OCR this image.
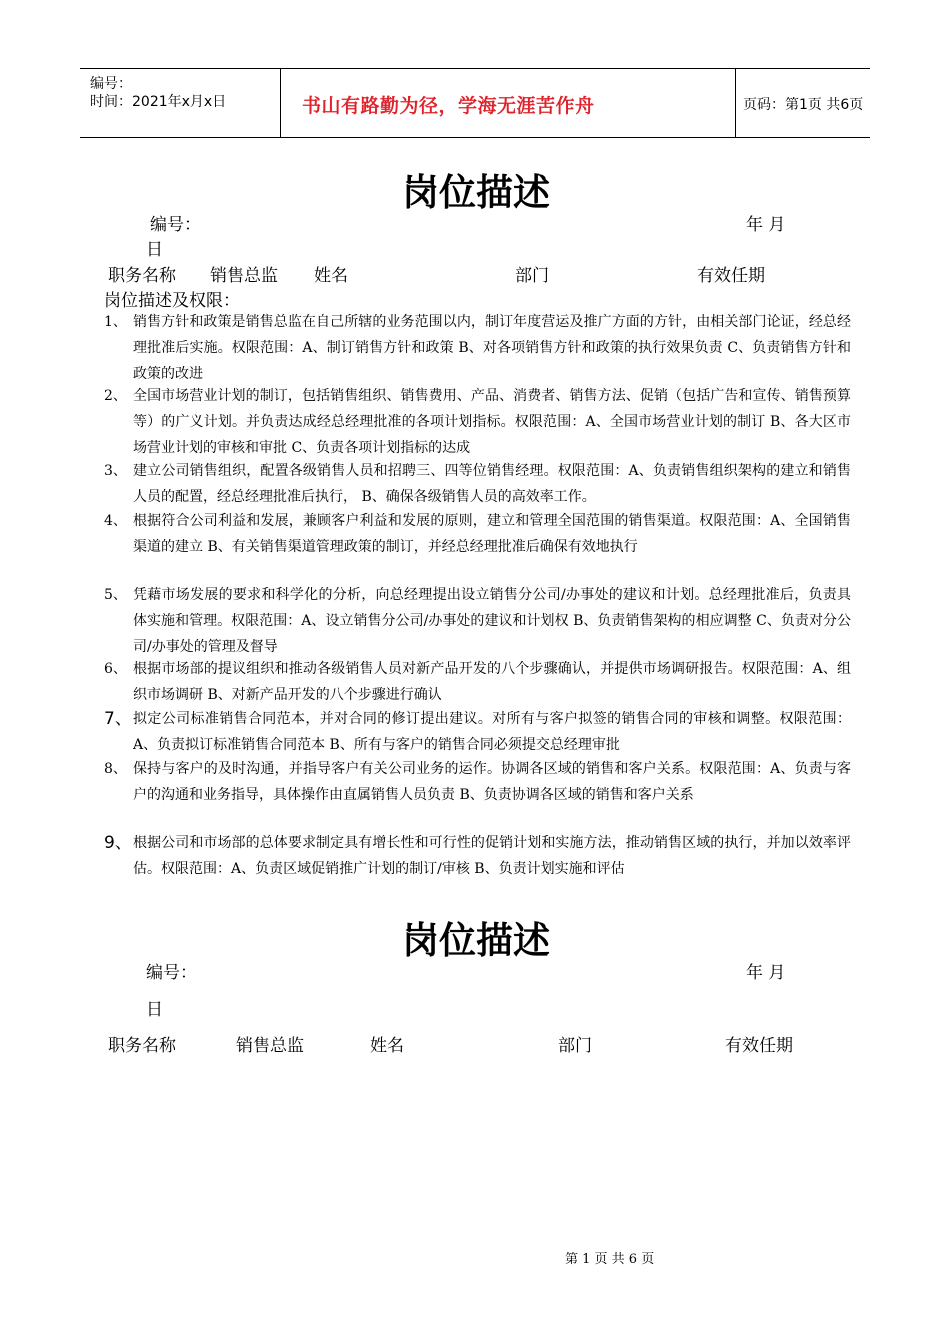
编号：
时间：2021年x月x日	书山有路勤为径，学海无涯苦作舟	页码：第1页 共6页
岗位描述
编号：	年 月
日
职务名称 销售总监 姓名	部门	有效任期
岗位描述及权限：
1、 销售方针和政策是销售总监在自己所辖的业务范围以内，制订年度营运及推广方面的方针，由相关部门论证，经总经理批准后实施。权限范围：A、制订销售方针和政策 B、对各项销售方针和政策的执行效果负责 C、负责销售方针和政策的改进
2、 全国市场营业计划的制订，包括销售组织、销售费用、产品、消费者、销售方法、促销（包括广告和宣传、销售预算等）的广义计划。并负责达成经总经理批准的各项计划指标。权限范围：A、全国市场营业计划的制订 B、各大区市场营业计划的审核和审批 C、负责各项计划指标的达成
3、 建立公司销售组织，配置各级销售人员和招聘三、四等位销售经理。权限范围：A、负责销售组织架构的建立和销售人员的配置，经总经理批准后执行， B、确保各级销售人员的高效率工作。
4、 根据符合公司利益和发展，兼顾客户利益和发展的原则，建立和管理全国范围的销售渠道。权限范围：A、全国销售渠道的建立 B、有关销售渠道管理政策的制订，并经总经理批准后确保有效地执行
5、 凭藉市场发展的要求和科学化的分析，向总经理提出设立销售分公司/办事处的建议和计划。总经理批准后，负责具体实施和管理。权限范围：A、设立销售分公司/办事处的建议和计划权 B、负责销售架构的相应调整 C、负责对分公司/办事处的管理及督导
6、 根据市场部的提议组织和推动各级销售人员对新产品开发的八个步骤确认，并提供市场调研报告。权限范围：A、组织市场调研 B、对新产品开发的八个步骤进行确认
7、 拟定公司标准销售合同范本，并对合同的修订提出建议。对所有与客户拟签的销售合同的审核和调整。权限范围：A、负责拟订标准销售合同范本 B、所有与客户的销售合同必须提交总经理审批
8、 保持与客户的及时沟通，并指导客户有关公司业务的运作。协调各区域的销售和客户关系。权限范围：A、负责与客户的沟通和业务指导，具体操作由直属销售人员负责 B、负责协调各区域的销售和客户关系
9、 根据公司和市场部的总体要求制定具有增长性和可行性的促销计划和实施方法，推动销售区域的执行，并加以效率评估。权限范围：A、负责区域促销推广计划的制订/审核 B、负责计划实施和评估
岗位描述
编号：	年 月
日
职务名称	销售总监	姓名	部门	有效任期
第 1 页 共 6 页
